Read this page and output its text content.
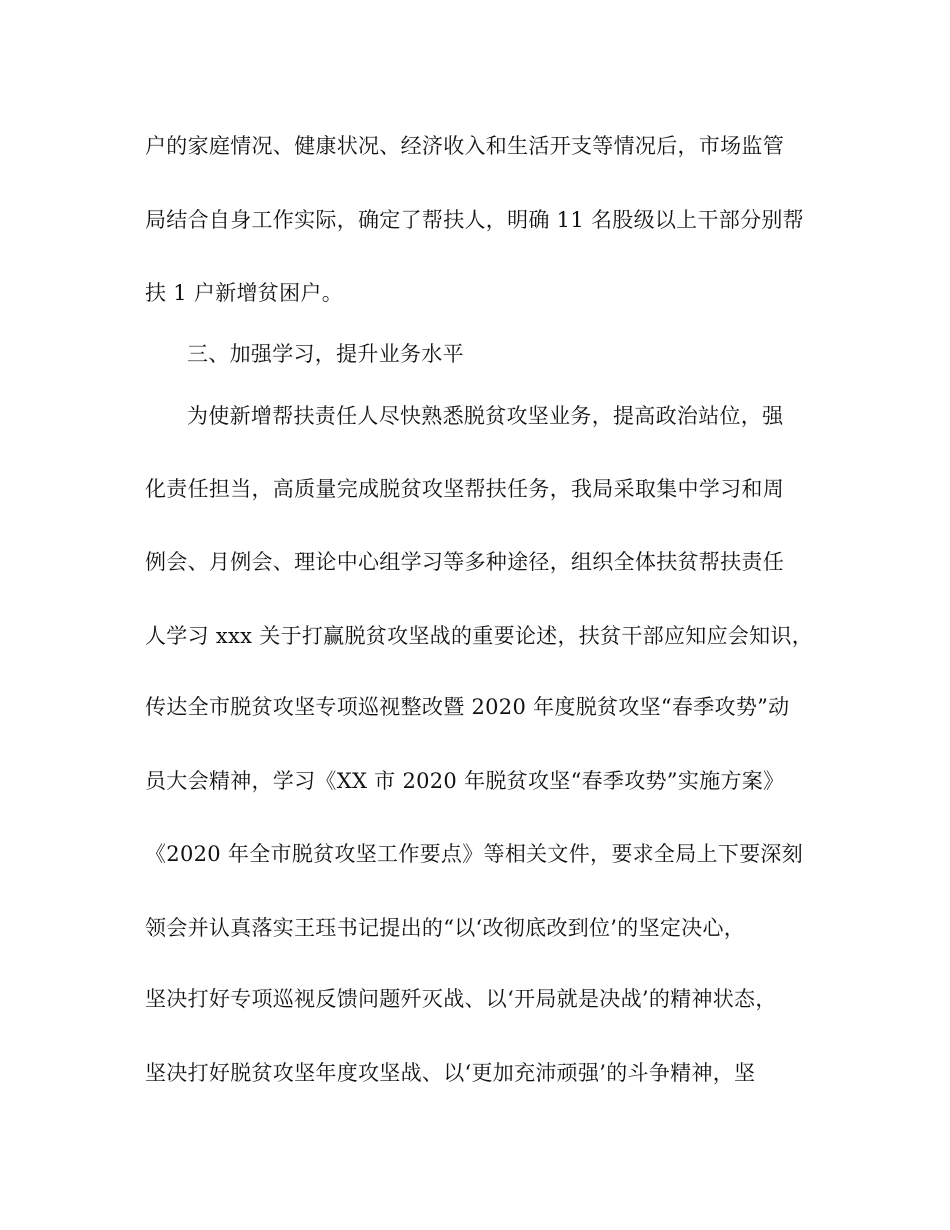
户的家庭情况、健康状况、经济收入和生活开支等情况后，市场监管
局结合自身工作实际，确定了帮扶人，明确 11 名股级以上干部分别帮
扶 1 户新增贫困户。
三、加强学习，提升业务水平
为使新增帮扶责任人尽快熟悉脱贫攻坚业务，提高政治站位，强
化责任担当，高质量完成脱贫攻坚帮扶任务，我局采取集中学习和周
例会、月例会、理论中心组学习等多种途径，组织全体扶贫帮扶责任
人学习 xxx 关于打赢脱贫攻坚战的重要论述，扶贫干部应知应会知识，
传达全市脱贫攻坚专项巡视整改暨 2020 年度脱贫攻坚“春季攻势”动
员大会精神，学习《XX 市 2020 年脱贫攻坚“春季攻势”实施方案》
《2020 年全市脱贫攻坚工作要点》等相关文件，要求全局上下要深刻
领会并认真落实王珏书记提出的“以‘改彻底改到位’的坚定决心，
坚决打好专项巡视反馈问题歼灭战、以‘开局就是决战’的精神状态，
坚决打好脱贫攻坚年度攻坚战、以‘更加充沛顽强’的斗争精神，坚
